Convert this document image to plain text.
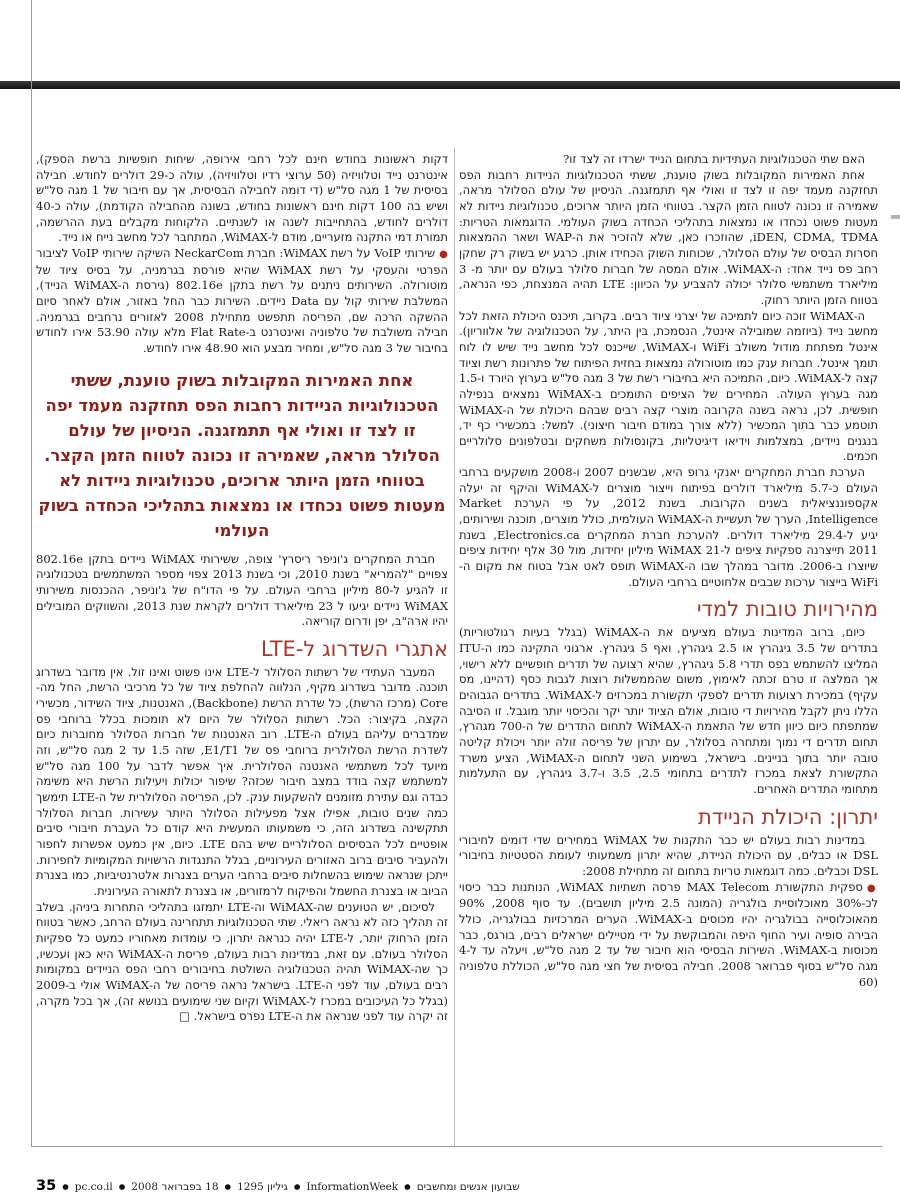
האם שתי הטכנולוגיות העתידיות בתחום הנייד ישרדו זה לצד זו?

אחת האמירות המקובלות בשוק טוענת, ששתי הטכנולוגיות הניידות רחבות הפס תחזקנה מעמד יפה זו לצד זו ואולי אף תתמזגנה. הניסיון של עולם הסלולר מראה, שאמירה זו נכונה לטווח הזמן הקצר. בטווחי הזמן היותר ארוכים, טכנולוגיות ניידות לא מעטות פשוט נכחדו או נמצאות בתהליכי הכחדה בשוק העולמי. הדוגמאות הטריות: iDEN, CDMA, TDMA, שהוזכרו כאן, שלא להזכיר את ה-WAP ושאר ההמצאות חסרות הבסיס של עולם הסלולר, שכוחות השוק הכחידו אותן. כרגע יש בשוק רק שחקן רחב פס נייד אחד: ה-WiMAX. אולם המסה של חברות סלולר בעולם עם יותר מ- 3 מיליארד משתמשי סלולר יכולה להצביע על הכיוון: LTE תהיה המנצחת, כפי הנראה, בטווח הזמן היותר רחוק.

ה-WiMAX זוכה כיום לתמיכה של יצרני ציוד רבים. בקרוב, תיכנס היכולת הזאת לכל מחשב נייד (ביוזמה שמובילה אינטל, הנסמכת, בין היתר, על הטכנולוגיה של אלווריון). אינטל מפתחת מודול משולב WiFi ו-WiMAX, שייכנס לכל מחשב נייד שיש לו לוח תומך אינטל. חברות ענק כמו מוטורולה נמצאות בחזית הפיתוח של פתרונות רשת וציוד קצה ל-WiMAX. כיום, התמיכה היא בחיבורי רשת של 3 מגה סל"ש בערוץ היורד ו-1.5 מגה בערוץ העולה. המחירים של הציפים התומכים ב-WiMAX נמצאים בנפילה חופשית. לכן, נראה בשנה הקרובה מוצרי קצה רבים שבהם היכולת של ה-WiMAX תוטמע כבר בתוך המכשיר (ללא צורך במודם חיבור חיצוני). למשל: במכשירי כף יד, בנגנים ניידים, במצלמות וידיאו דיגיטליות, בקונסולות משחקים ובטלפונים סלולריים חכמים.

הערכת חברת המחקרים יאנקי גרופ היא, שבשנים 2007 ו-2008 מושקעים ברחבי העולם כ-5.7 מיליארד דולרים בפיתוח וייצור מוצרים ל-WiMAX והיקף זה יעלה אקספוננציאלית בשנים הקרובות. בשנת 2012, על פי הערכת Market Intelligence, הערך של תעשיית ה-WiMAX העולמית, כולל מוצרים, תוכנה ושירותים, יגיע ל-29.4 מיליארד דולרים. להערכת חברת המחקרים Electronics.ca, בשנת 2011 תייצרנה ספקיות ציפים ל-WiMAX 21 מיליון יחידות, מול 30 אלף יחידות ציפים שיוצרו ב-2006. מדובר במהלך שבו ה-WiMAX תופס לאט אבל בטוח את מקום ה-WiFi בייצור ערכות שבבים אלחוטיים ברחבי העולם.

מהירויות טובות למדי

כיום, ברוב המדינות בעולם מציעים את ה-WiMAX (בגלל בעיות רגולטוריות) בתדרים של 3.5 גיגהרץ או 2.5 גיגהרץ, ואף 5 גיגהרץ. ארגוני התקינה כמו ה-ITU המליצו להשתמש בפס תדרי 5.8 גיגהרץ, שהיא רצועה של תדרים חופשיים ללא רישוי, אך המלצה זו טרם זכתה לאימוץ, משום שהממשלות רוצות לגבות כסף (דהיינו, מס עקיף) במכירת רצועות תדרים לספקי תקשורת במכרזים ל-WiMAX. בתדרים הגבוהים הללו ניתן לקבל מהירויות די טובות, אולם הציוד יותר יקר והכיסוי יותר מוגבל. זו הסיבה שמתפתח כיום כיוון חדש של התאמת ה-WiMAX לתחום התדרים של ה-700 מגהרץ, תחום תדרים די נמוך ומתחרה בסלולר, עם יתרון של פריסה זולה יותר ויכולת קליטה טובה יותר בתוך בניינים. בישראל, בשימוע השני לתחום ה-WiMAX, הציע משרד התקשורת לצאת במכרז לתדרים בתחומי 2.5, 3.5 ו-3.7 גיגהרץ, עם התעלמות מתחומי התדרים האחרים.

יתרון: היכולת הניידת

במדינות רבות בעולם יש כבר התקנות של WiMAX במחירים שדי דומים לחיבורי DSL או כבלים, עם היכולת הניידת, שהיא יתרון משמעותי לעומת הסטטיות בחיבורי DSL וכבלים. כמה דוגמאות טריות בתחום זה מתחילת 2008:

●ספקית התקשורת MAX Telecom פרסה תשתיות WiMAX, הנותנות כבר כיסוי לכ-30% מאוכלוסיית בולגריה (המונה 2.5 מיליון תושבים). עד סוף 2008, 90% מהאוכלוסייה בבולגריה יהיו מכוסים ב-WiMAX. הערים המרכזיות בבולגריה, כולל הבירה סופיה ועיר החוף היפה והמבוקשת על ידי מטיילים ישראלים רבים, בורגס, כבר מכוסות ב-WiMAX. השירות הבסיסי הוא חיבור של עד 2 מגה סל"ש, ויעלה עד ל-4 מגה סל"ש בסוף פברואר 2008. חבילה בסיסית של חצי מגה סל"ש, הכוללת טלפוניה (60

דקות ראשונות בחודש חינם לכל רחבי אירופה, שיחות חופשיות ברשת הספק), אינטרנט נייד וטלוויזיה (50 ערוצי רדיו וטלוויזיה), עולה כ-29 דולרים לחודש. חבילה בסיסית של 1 מגה סל"ש (די דומה לחבילה הבסיסית, אך עם חיבור של 1 מגה סל"ש ושיש בה 100 דקות חינם ראשונות בחודש, בשונה מהחבילה הקודמת), עולה כ-40 דולרים לחודש, בהתחייבות לשנה או לשנתיים. הלקוחות מקבלים בעת ההרשמה, תמורת דמי התקנה מזעריים, מודם ל-WiMAX, המתחבר לכל מחשב נייח או נייד.

●שירותי VoIP על רשת WiMAX: חברת NeckarCom השיקה שירותי VoIP לציבור הפרטי והעסקי על רשת WiMAX שהיא פורסת בגרמניה, על בסיס ציוד של מוטורולה. השירותים ניתנים על רשת בתקן 802.16e (גירסת ה-WiMAX הנייד), המשלבת שירותי קול עם Data ניידים. השירות כבר החל באזור, אולם לאחר סיום ההשקה הרכה שם, הפריסה תתפשט מתחילת 2008 לאזורים נרחבים בגרמניה. חבילה משולבת של טלפוניה ואינטרנט ב-Flat Rate מלא עולה 53.90 אירו לחודש בחיבור של 3 מגה סל"ש, ומחיר מבצע הוא 48.90 אירו לחודש.

אחת האמירות המקובלות בשוק טוענת, ששתי הטכנולוגיות הניידות רחבות הפס תחזקנה מעמד יפה זו לצד זו ואולי אף תתמזגנה. הניסיון של עולם הסלולר מראה, שאמירה זו נכונה לטווח הזמן הקצר. בטווחי הזמן היותר ארוכים, טכנולוגיות ניידות לא מעטות פשוט נכחדו או נמצאות בתהליכי הכחדה בשוק העולמי

חברת המחקרים ג'וניפר ריסרץ' צופה, ששירותי WiMAX ניידים בתקן 802.16e צפויים "להמריא" בשנת 2010, וכי בשנת 2013 צפוי מספר המשתמשים בטכנולוגיה זו להגיע ל-80 מיליון ברחבי העולם. על פי הדו"ח של ג'וניפר, ההכנסות משירותי WiMAX ניידים יגיעו ל 23 מיליארד דולרים לקראת שנת 2013, והשווקים המובילים יהיו ארה"ב, יפן ודרום קוריאה.

אתגרי השדרוג ל-LTE

המעבר העתידי של רשתות הסלולר ל-LTE אינו פשוט ואינו זול. אין מדובר בשדרוג תוכנה. מדובר בשדרוג מקיף, הנלווה להחלפת ציוד של כל מרכיבי הרשת, החל מה-Core (מרכז הרשת), כל שדרת הרשת (Backbone), האנטנות, ציוד השידור, מכשירי הקצה, בקיצור: הכל. רשתות הסלולר של היום לא תומכות בכלל ברוחבי פס שמדברים עליהם בעולם ה-LTE. רוב האנטנות של חברות הסלולר מחוברות כיום לשדרת הרשת הסלולרית ברוחבי פס של E1/T1, שזה 1.5 עד 2 מגה סל"ש, וזה מיועד לכל משתמשי האנטנה הסלולרית. איך אפשר לדבר על 100 מגה סל"ש למשתמש קצה בודד במצב חיבור שכזה? שיפור יכולות ויעילות הרשת היא משימה כבדה וגם עתירת מזומנים להשקעות ענק. לכן, הפריסה הסלולרית של ה-LTE תימשך כמה שנים טובות, אפילו אצל מפעילות הסלולר היותר עשירות. חברות הסלולר תתקשינה בשדרוג הזה, כי משמעותו המעשית היא קודם כל העברת חיבורי סיבים אופטיים לכל הבסיסים הסלולריים שיש בהם LTE. כיום, אין כמעט אפשרות לחפור ולהעביר סיבים ברוב האזורים העירוניים, בגלל התנגדות הרשויות המקומיות לחפירות. ייתכן שנראה שימוש בהשחלות סיבים ברחבי הערים בצנרות אלטרנטיביות, כמו בצנרת הביוב או בצנרת החשמל והפיקוח לרמזורים, או בצנרת לתאורה העירונית.

לסיכום, יש הטוענים שה-WiMAX וה-LTE יתמזגו בתהליכי התחרות ביניהן. בשלב זה תהליך כזה לא נראה ריאלי. שתי הטכנולוגיות תתחרינה בעולם הרחב, כאשר בטווח הזמן הרחוק יותר, ל-LTE יהיה כנראה יתרון, כי עומדות מאחוריו כמעט כל ספקיות הסלולר בעולם. עם זאת, במדינות רבות בעולם, פריסת ה-WiMAX היא כאן ועכשיו, כך שה-WiMAX תהיה הטכנולוגיה השולטת בחיבורים רחבי הפס הניידים במקומות רבים בעולם, עוד לפני ה-LTE. בישראל נראה פריסה של ה-WiMAX אולי ב-2009 (בגלל כל העיכובים במכרז ל-WiMAX וקיום שני שימועים בנושא זה), אך בכל מקרה, זה יקרה עוד לפני שנראה את ה-LTE נפרס בישראל. □

שבועון אנשים ומחשבים●InformationWeek●גיליון 1295●18 בפברואר 2008●pc.co.il●35
